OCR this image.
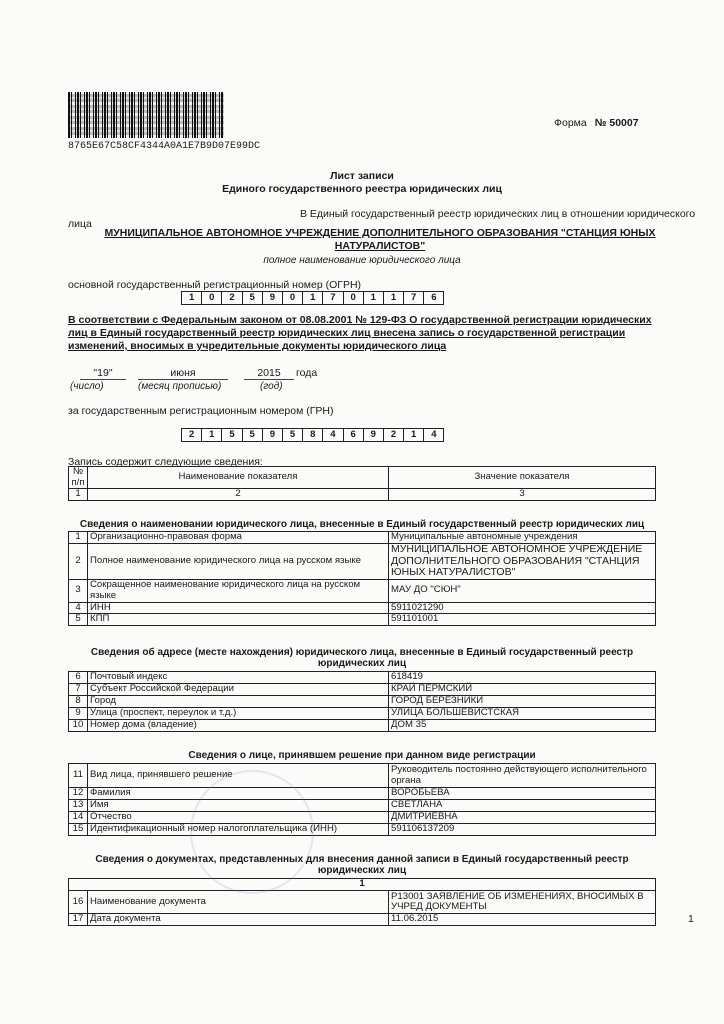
8765E67C58CF4344A0A1E7B9D07E99DC
Форма № 50007
Лист записи
Единого государственного реестра юридических лиц
В Единый государственный реестр юридических лиц в отношении юридического
лица
МУНИЦИПАЛЬНОЕ АВТОНОМНОЕ УЧРЕЖДЕНИЕ ДОПОЛНИТЕЛЬНОГО ОБРАЗОВАНИЯ "СТАНЦИЯ ЮНЫХ НАТУРАЛИСТОВ"
полное наименование юридического лица
основной государственный регистрационный номер (ОГРН)
1	0	2	5	9	0	1	7	0	1	1	7	6
В соответствии с Федеральным законом от 08.08.2001 № 129-ФЗ О государственной регистрации юридических лиц в Единый государственный реестр юридических лиц внесена запись о государственной регистрации изменений, вносимых в учредительные документы юридического лица
"19"	июня	2015	года
(число)	(месяц прописью)	(год)
за государственным регистрационным номером (ГРН)
2	1	5	5	9	5	8	4	6	9	2	1	4
Запись содержит следующие сведения:
№ п/п	Наименование показателя	Значение показателя
1	2	3
Сведения о наименовании юридического лица, внесенные в Единый государственный реестр юридических лиц
1	Организационно-правовая форма	Муниципальные автономные учреждения
2	Полное наименование юридического лица на русском языке	МУНИЦИПАЛЬНОЕ АВТОНОМНОЕ УЧРЕЖДЕНИЕ ДОПОЛНИТЕЛЬНОГО ОБРАЗОВАНИЯ "СТАНЦИЯ ЮНЫХ НАТУРАЛИСТОВ"
3	Сокращенное наименование юридического лица на русском языке	МАУ ДО "СЮН"
4	ИНН	5911021290
5	КПП	591101001
Сведения об адресе (месте нахождения) юридического лица, внесенные в Единый государственный реестр юридических лиц
6	Почтовый индекс	618419
7	Субъект Российской Федерации	КРАЙ ПЕРМСКИЙ
8	Город	ГОРОД БЕРЕЗНИКИ
9	Улица (проспект, переулок и т.д.)	УЛИЦА БОЛЬШЕВИСТСКАЯ
10	Номер дома (владение)	ДОМ 35
Сведения о лице, принявшем решение при данном виде регистрации
11	Вид лица, принявшего решение	Руководитель постоянно действующего исполнительного органа
12	Фамилия	ВОРОБЬЕВА
13	Имя	СВЕТЛАНА
14	Отчество	ДМИТРИЕВНА
15	Идентификационный номер налогоплательщика (ИНН)	591106137209
Сведения о документах, представленных для внесения данной записи в Единый государственный реестр юридических лиц
1		
16	Наименование документа	Р13001 ЗАЯВЛЕНИЕ ОБ ИЗМЕНЕНИЯХ, ВНОСИМЫХ В УЧРЕД ДОКУМЕНТЫ
17	Дата документа	11.06.2015	1
